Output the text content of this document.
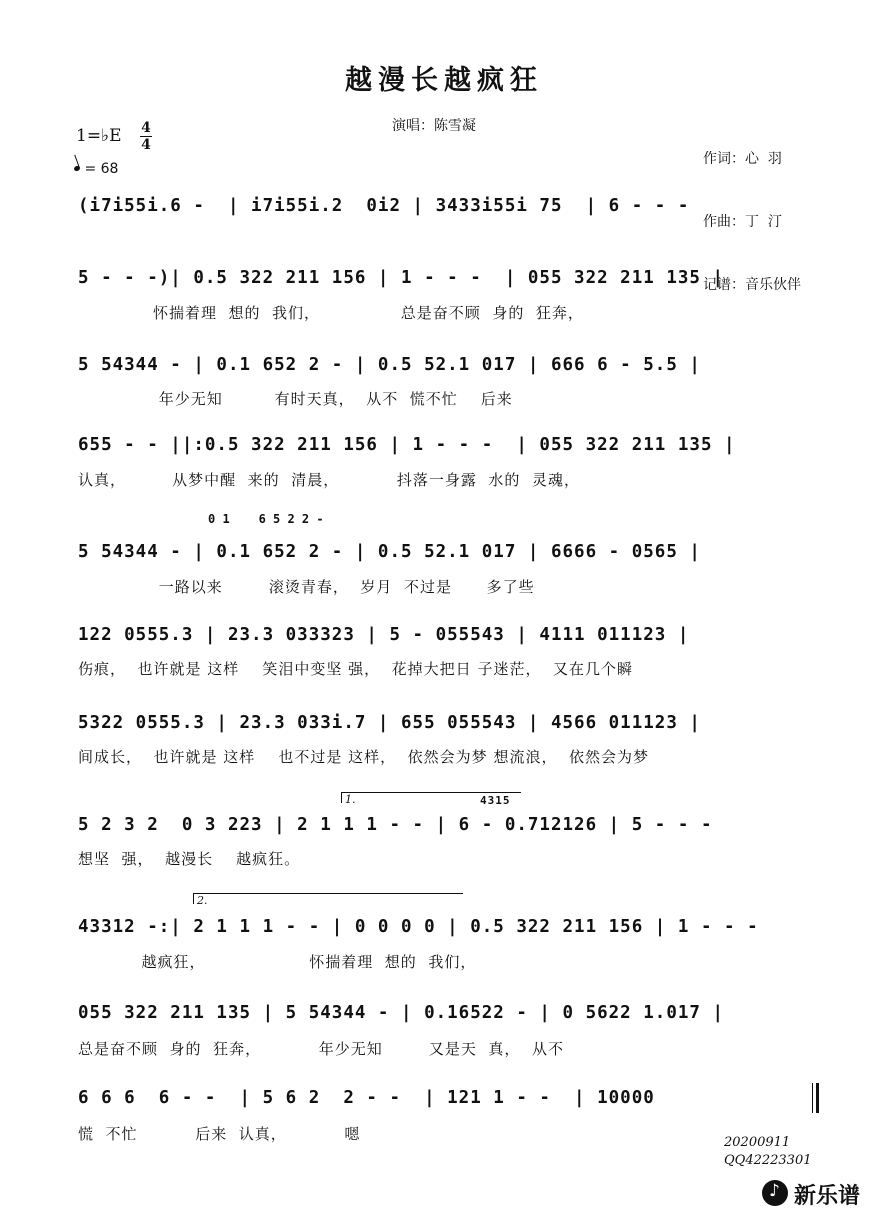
越漫长越疯狂
演唱：陈雪凝

作词：心  羽

作曲：丁  汀

记谱：音乐伙伴

1=♭E 4
4
= 68
(i7i55i.6 -  | i7i55i.2  0i2 | 3433i55i 75  | 6 - - -
5 - - -)| 0.5 322 211 156 | 1 - - -  | 055 322 211 135 |
怀揣着理  想的  我们，              总是奋不顾  身的  狂奔，
5 54344 - | 0.1 652 2 - | 0.5 52.1 017 | 666 6 - 5.5 |
年少无知         有时天真，  从不  慌不忙    后来
655 - - ||:0.5 322 211 156 | 1 - - -  | 055 322 211 135 |
认真，        从梦中醒  来的  清晨，          抖落一身露  水的  灵魂，
0 1    6 5 2 2 -
5 54344 - | 0.1 652 2 - | 0.5 52.1 017 | 6666 - 0565 |
一路以来        滚烫青春，  岁月  不过是      多了些
122 0555.3 | 23.3 033323 | 5 - 055543 | 4111 011123 |
伤痕，  也许就是 这样    笑泪中变坚 强，  花掉大把日 子迷茫，  又在几个瞬
5322 0555.3 | 23.3 033i.7 | 655 055543 | 4566 011123 |
间成长，  也许就是 这样    也不过是 这样，  依然会为梦 想流浪，  依然会为梦
1.	4315
5 2 3 2  0 3 223 | 2 1 1 1 - - | 6 - 0.712126 | 5 - - -
想坚  强，  越漫长    越疯狂。
2.
43312 -:| 2 1 1 1 - - | 0 0 0 0 | 0.5 322 211 156 | 1 - - -
越疯狂，                  怀揣着理  想的  我们，
055 322 211 135 | 5 54344 - | 0.16522 - | 0 5622 1.017 |
总是奋不顾  身的  狂奔，          年少无知        又是天  真，  从不
6 6 6  6 - -  | 5 6 2  2 - -  | 121 1 - -  | 10000
慌  不忙          后来  认真，          嗯	20200911
QQ42223301
♪
新乐谱
